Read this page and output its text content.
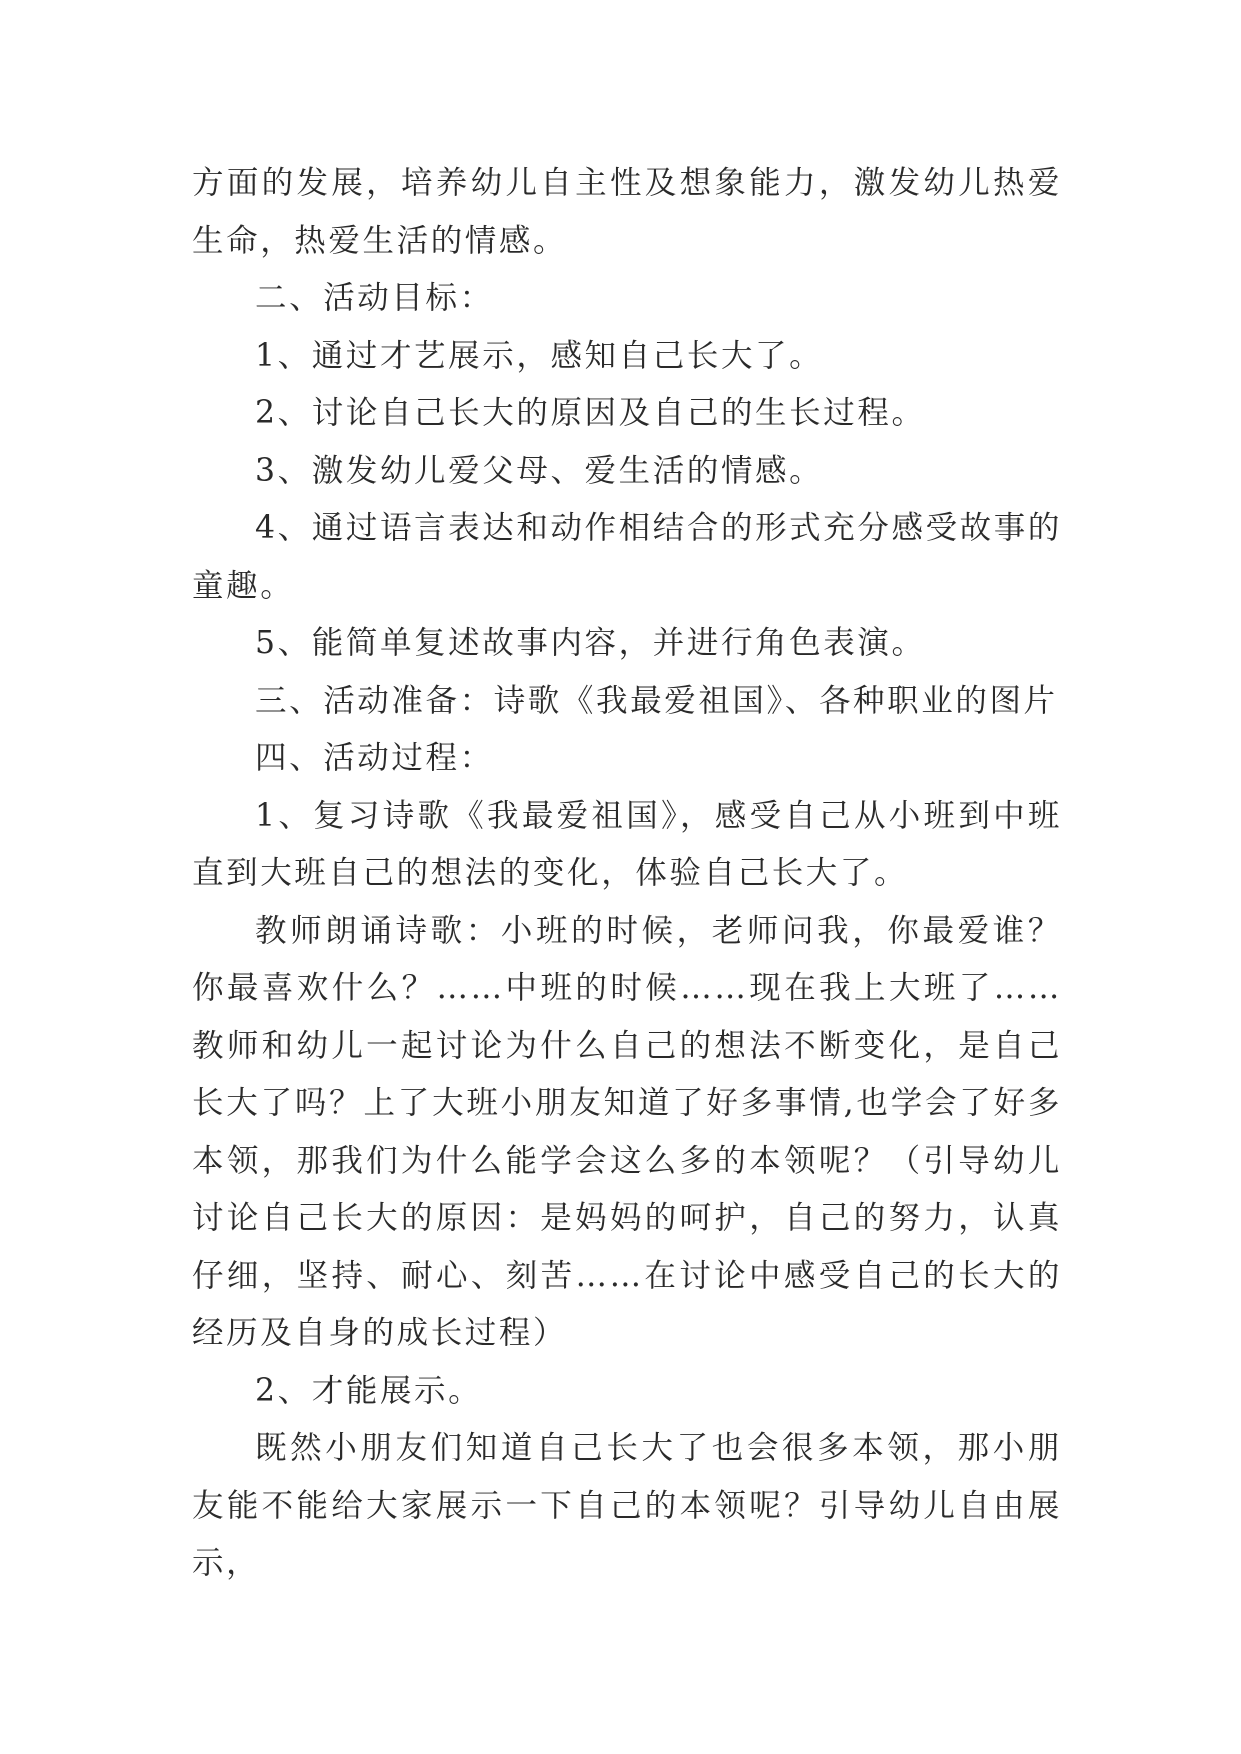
方面的发展，培养幼儿自主性及想象能力，激发幼儿热爱生命，热爱生活的情感。

二、活动目标：

1、通过才艺展示，感知自己长大了。

2、讨论自己长大的原因及自己的生长过程。

3、激发幼儿爱父母、爱生活的情感。

4、通过语言表达和动作相结合的形式充分感受故事的童趣。

5、能简单复述故事内容，并进行角色表演。

三、活动准备：诗歌《我最爱祖国》、各种职业的图片

四、活动过程：

1、复习诗歌《我最爱祖国》，感受自己从小班到中班直到大班自己的想法的变化，体验自己长大了。

教师朗诵诗歌：小班的时候，老师问我，你最爱谁？你最喜欢什么？……中班的时候……现在我上大班了……教师和幼儿一起讨论为什么自己的想法不断变化，是自己长大了吗？上了大班小朋友知道了好多事情,也学会了好多本领，那我们为什么能学会这么多的本领呢？（引导幼儿讨论自己长大的原因：是妈妈的呵护，自己的努力，认真仔细，坚持、耐心、刻苦……在讨论中感受自己的长大的经历及自身的成长过程）

2、才能展示。

既然小朋友们知道自己长大了也会很多本领，那小朋友能不能给大家展示一下自己的本领呢？引导幼儿自由展示，
